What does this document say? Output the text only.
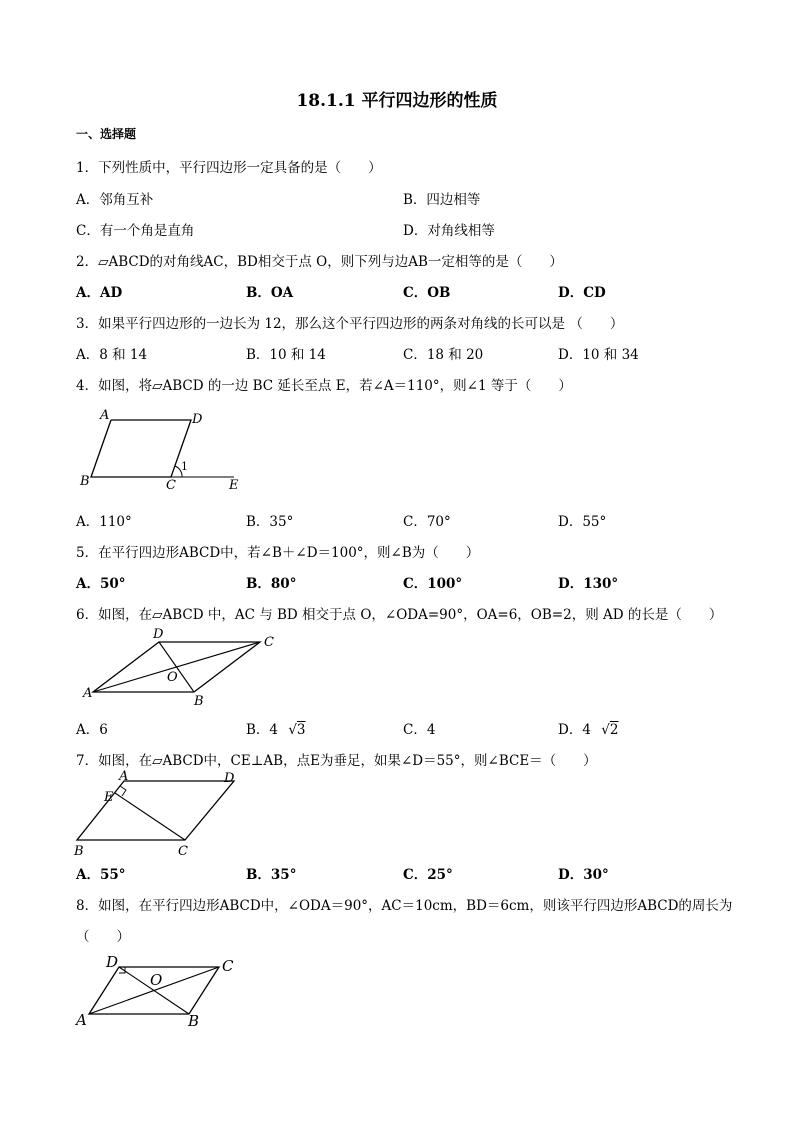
18.1.1 平行四边形的性质
一、选择题
1．下列性质中，平行四边形一定具备的是（　　）
A．邻角互补	B．四边相等
C．有一个角是直角	D．对角线相等
2．▱ABCD的对角线AC，BD相交于点 O，则下列与边AB一定相等的是（　　）
A．AD	B．OA	C．OB	D．CD
3．如果平行四边形的一边长为 12，那么这个平行四边形的两条对角线的长可以是 （　　）
A．8 和 14	B．10 和 14	C．18 和 20	D．10 和 34
4．如图，将▱ABCD 的一边 BC 延长至点 E，若∠A＝110°，则∠1 等于（　　）
A	D
B	C	E
1
A．110°	B．35°	C．70°	D．55°
5．在平行四边形ABCD中，若∠B＋∠D＝100°，则∠B为（　　）
A．50°	B．80°	C．100°	D．130°
6．如图，在▱ABCD 中，AC 与 BD 相交于点 O，∠ODA=90°，OA=6，OB=2，则 AD 的长是（　　）
D
C
O
A
B
A．6	B．4 √3	C．4	D．4 √2
7．如图，在▱ABCD中，CE⊥AB，点E为垂足，如果∠D＝55°，则∠BCE＝（　　）
A	D
E
B	C
A．55°	B．35°	C．25°	D．30°
8．如图，在平行四边形ABCD中，∠ODA＝90°，AC＝10cm，BD＝6cm，则该平行四边形ABCD的周长为
（　　）
D	C
O
A	B
